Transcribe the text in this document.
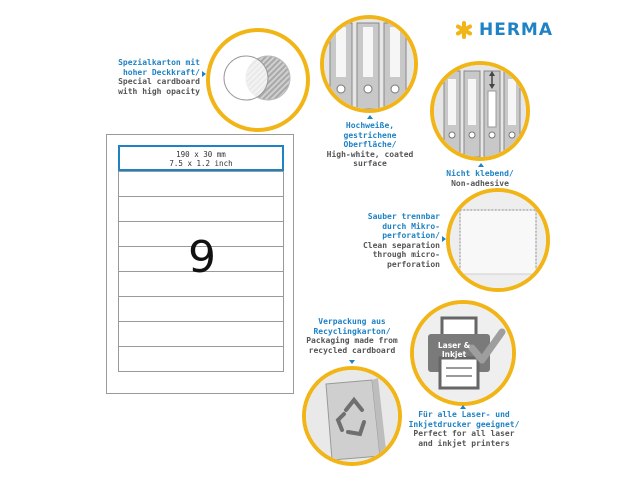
HERMA
190 x 30 mm
7.5 x 1.2 inch
9
Spezialkarton mit hoher Deckkraft/
Special cardboard with high opacity
Hochweiße, gestrichene Oberfläche/
High-white, coated surface
Nicht klebend/
Non-adhesive
Sauber trennbar durch Mikro-perforation/
Clean separation through micro-perforation
Verpackung aus Recyclingkarton/
Packaging made from recycled cardboard	Laser & Inkjet
Für alle Laser- und Inkjetdrucker geeignet/
Perfect for all laser and inkjet printers
